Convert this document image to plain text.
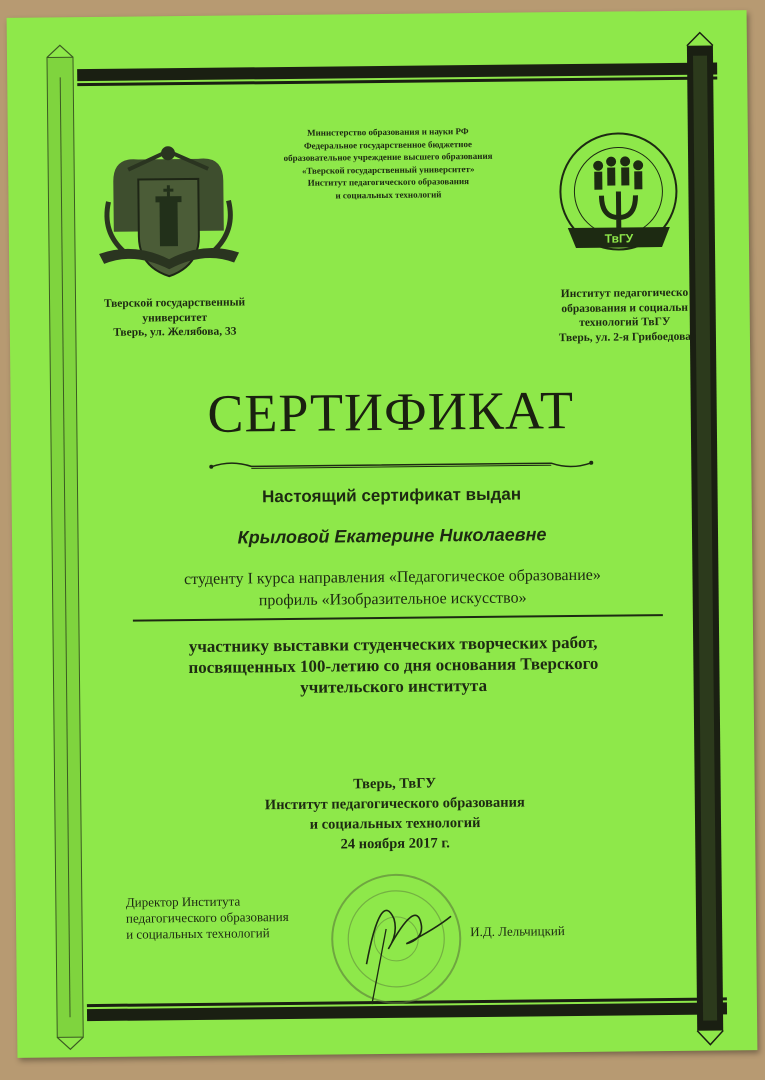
Министерство образования и науки РФ
Федеральное государственное бюджетное
образовательное учреждение высшего образования
«Тверской государственный университет»
Институт педагогического образования
и социальных технологий
ТвГУ
Тверской государственный
университет
Тверь, ул. Желябова, 33
Институт педагогическо
образования и социальн
технологий ТвГУ
Тверь, ул. 2-я Грибоедова
СЕРТИФИКАТ
Настоящий сертификат выдан
Крыловой Екатерине Николаевне
студенту I курса направления «Педагогическое образование»
профиль «Изобразительное искусство»
участнику выставки студенческих творческих работ,
посвященных 100-летию со дня основания Тверского
учительского института
Тверь, ТвГУ
Институт педагогического образования
и социальных технологий
24 ноября 2017 г.
Директор Института
педагогического образования
и социальных технологий	И.Д. Лельчицкий
